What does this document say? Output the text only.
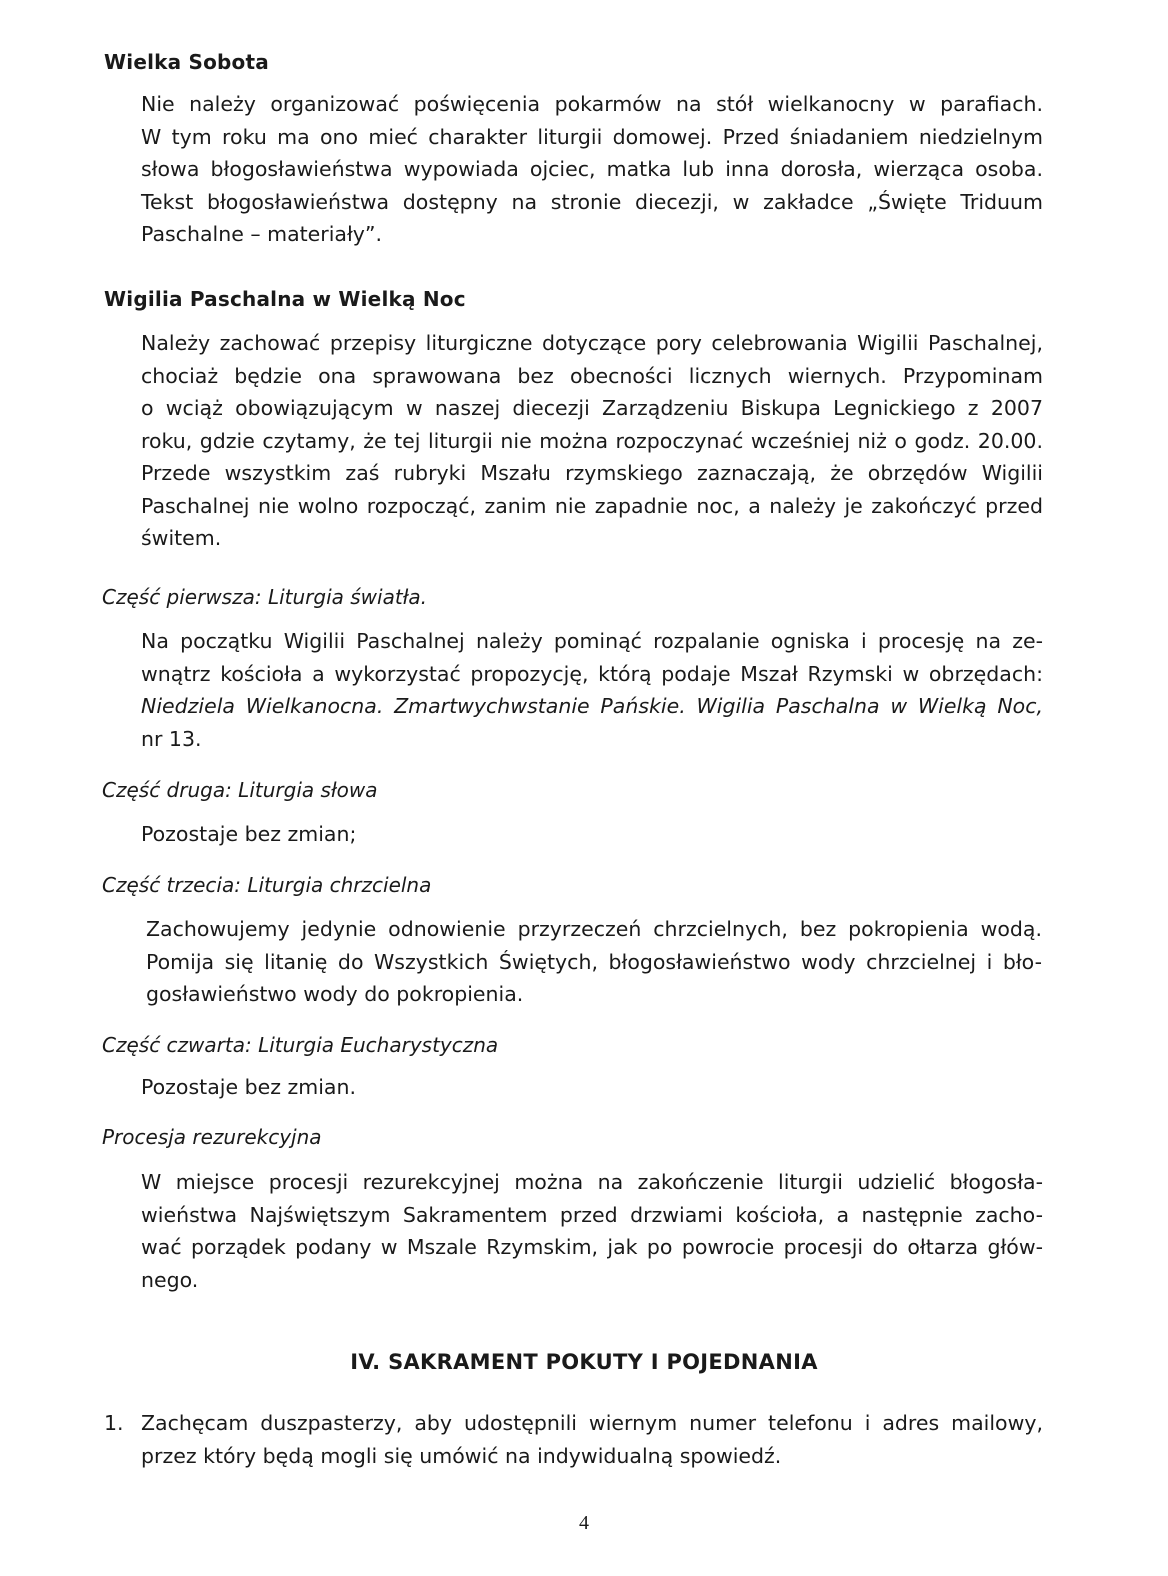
Wielka Sobota
Nie należy organizować poświęcenia pokarmów na stół wielkanocny w parafiach.
W tym roku ma ono mieć charakter liturgii domowej. Przed śniadaniem niedzielnym
słowa błogosławieństwa wypowiada ojciec, matka lub inna dorosła, wierząca osoba.
Tekst błogosławieństwa dostępny na stronie diecezji, w zakładce „Święte Triduum
Paschalne – materiały”.
Wigilia Paschalna w Wielką Noc
Należy zachować przepisy liturgiczne dotyczące pory celebrowania Wigilii Paschalnej,
chociaż będzie ona sprawowana bez obecności licznych wiernych. Przypominam
o wciąż obowiązującym w naszej diecezji Zarządzeniu Biskupa Legnickiego z 2007
roku, gdzie czytamy, że tej liturgii nie można rozpoczynać wcześniej niż o godz. 20.00.
Przede wszystkim zaś rubryki Mszału rzymskiego zaznaczają, że obrzędów Wigilii
Paschalnej nie wolno rozpocząć, zanim nie zapadnie noc, a należy je zakończyć przed
świtem.
Część pierwsza: Liturgia światła.
Na początku Wigilii Paschalnej należy pominąć rozpalanie ogniska i procesję na ze-
wnątrz kościoła a wykorzystać propozycję, którą podaje Mszał Rzymski w obrzędach:
Niedziela Wielkanocna. Zmartwychwstanie Pańskie. Wigilia Paschalna w Wielką Noc,
nr 13.
Część druga: Liturgia słowa
Pozostaje bez zmian;
Część trzecia: Liturgia chrzcielna
Zachowujemy jedynie odnowienie przyrzeczeń chrzcielnych, bez pokropienia wodą.
Pomija się litanię do Wszystkich Świętych, błogosławieństwo wody chrzcielnej i bło-
gosławieństwo wody do pokropienia.
Część czwarta: Liturgia Eucharystyczna
Pozostaje bez zmian.
Procesja rezurekcyjna
W miejsce procesji rezurekcyjnej można na zakończenie liturgii udzielić błogosła-
wieństwa Najświętszym Sakramentem przed drzwiami kościoła, a następnie zacho-
wać porządek podany w Mszale Rzymskim, jak po powrocie procesji do ołtarza głów-
nego.
IV. SAKRAMENT POKUTY I POJEDNANIA
1. Zachęcam duszpasterzy, aby udostępnili wiernym numer telefonu i adres mailowy,
przez który będą mogli się umówić na indywidualną spowiedź.
4
